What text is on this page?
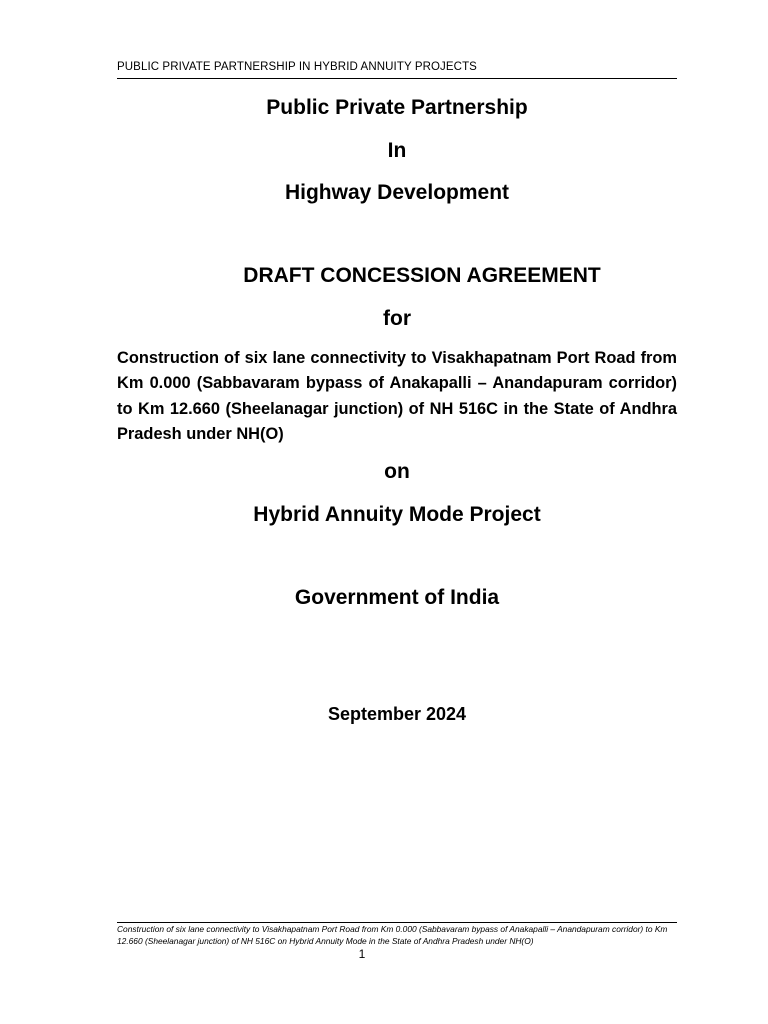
PUBLIC PRIVATE PARTNERSHIP IN HYBRID ANNUITY PROJECTS
Public Private Partnership
In
Highway Development
DRAFT CONCESSION AGREEMENT
for
Construction of six lane connectivity to Visakhapatnam Port Road from Km 0.000 (Sabbavaram bypass of Anakapalli – Anandapuram corridor) to Km 12.660 (Sheelanagar junction) of NH 516C in the State of Andhra Pradesh under NH(O)
on
Hybrid Annuity Mode Project
Government of India
September 2024
Construction of six lane connectivity to Visakhapatnam Port Road from Km 0.000 (Sabbavaram bypass of Anakapalli – Anandapuram corridor) to Km 12.660 (Sheelanagar junction) of NH 516C on Hybrid Annuity Mode in the State of Andhra Pradesh under NH(O)
1
